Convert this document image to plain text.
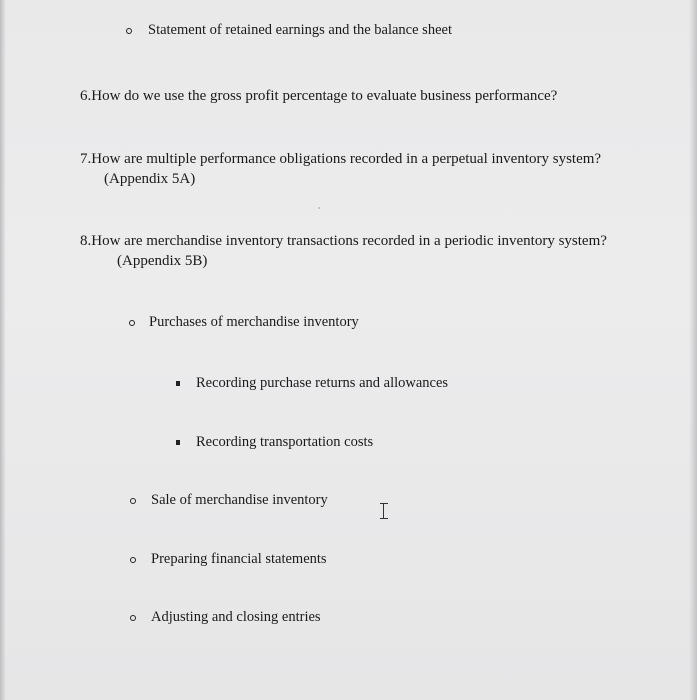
Statement of retained earnings and the balance sheet
6.How do we use the gross profit percentage to evaluate business performance?
7.How are multiple performance obligations recorded in a perpetual inventory system?
(Appendix 5A)
8.How are merchandise inventory transactions recorded in a periodic inventory system?
(Appendix 5B)
Purchases of merchandise inventory
Recording purchase returns and allowances
Recording transportation costs
Sale of merchandise inventory
Preparing financial statements
Adjusting and closing entries
